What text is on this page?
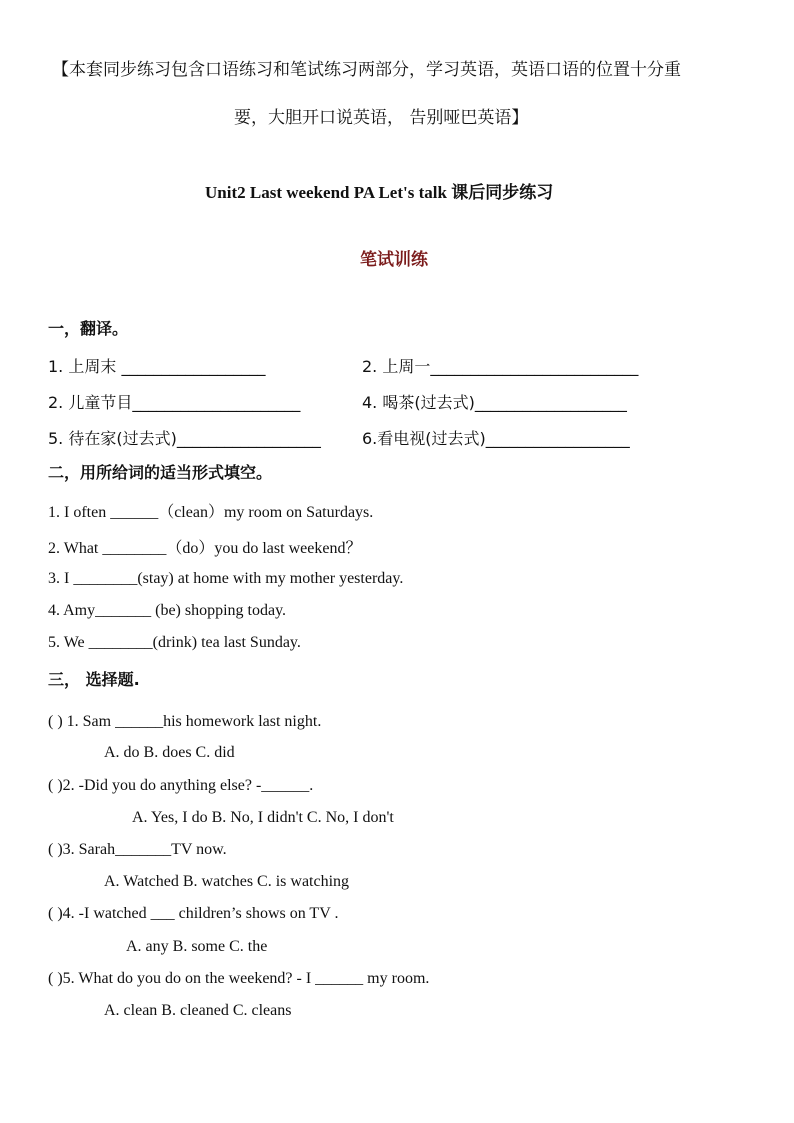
【本套同步练习包含口语练习和笔试练习两部分，学习英语，英语口语的位置十分重
要，大胆开口说英语， 告别哑巴英语】
Unit2 Last weekend PA Let's talk 课后同步练习
笔试训练
一，翻译。
1. 上周末 __________________	2. 上周一__________________________
2. 儿童节目_____________________	4. 喝茶(过去式)___________________
5. 待在家(过去式)__________________	6.看电视(过去式)__________________
二，用所给词的适当形式填空。
1. I often ______（clean）my room on Saturdays.
2. What ________（do）you do last weekend？
3. I ________(stay) at home with my mother yesterday.
4. Amy_______ (be) shopping today.
5. We ________(drink) tea last Sunday.
三， 选择题.
( ) 1. Sam ______his homework last night.
A. do B. does C. did
( )2. -Did you do anything else? -______.
A. Yes, I do B. No, I didn't C. No, I don't
( )3. Sarah_______TV now.
A. Watched B. watches C. is watching
( )4. -I watched ___ children’s shows on TV .
A. any B. some C. the
( )5. What do you do on the weekend? - I ______ my room.
A. clean B. cleaned C. cleans
